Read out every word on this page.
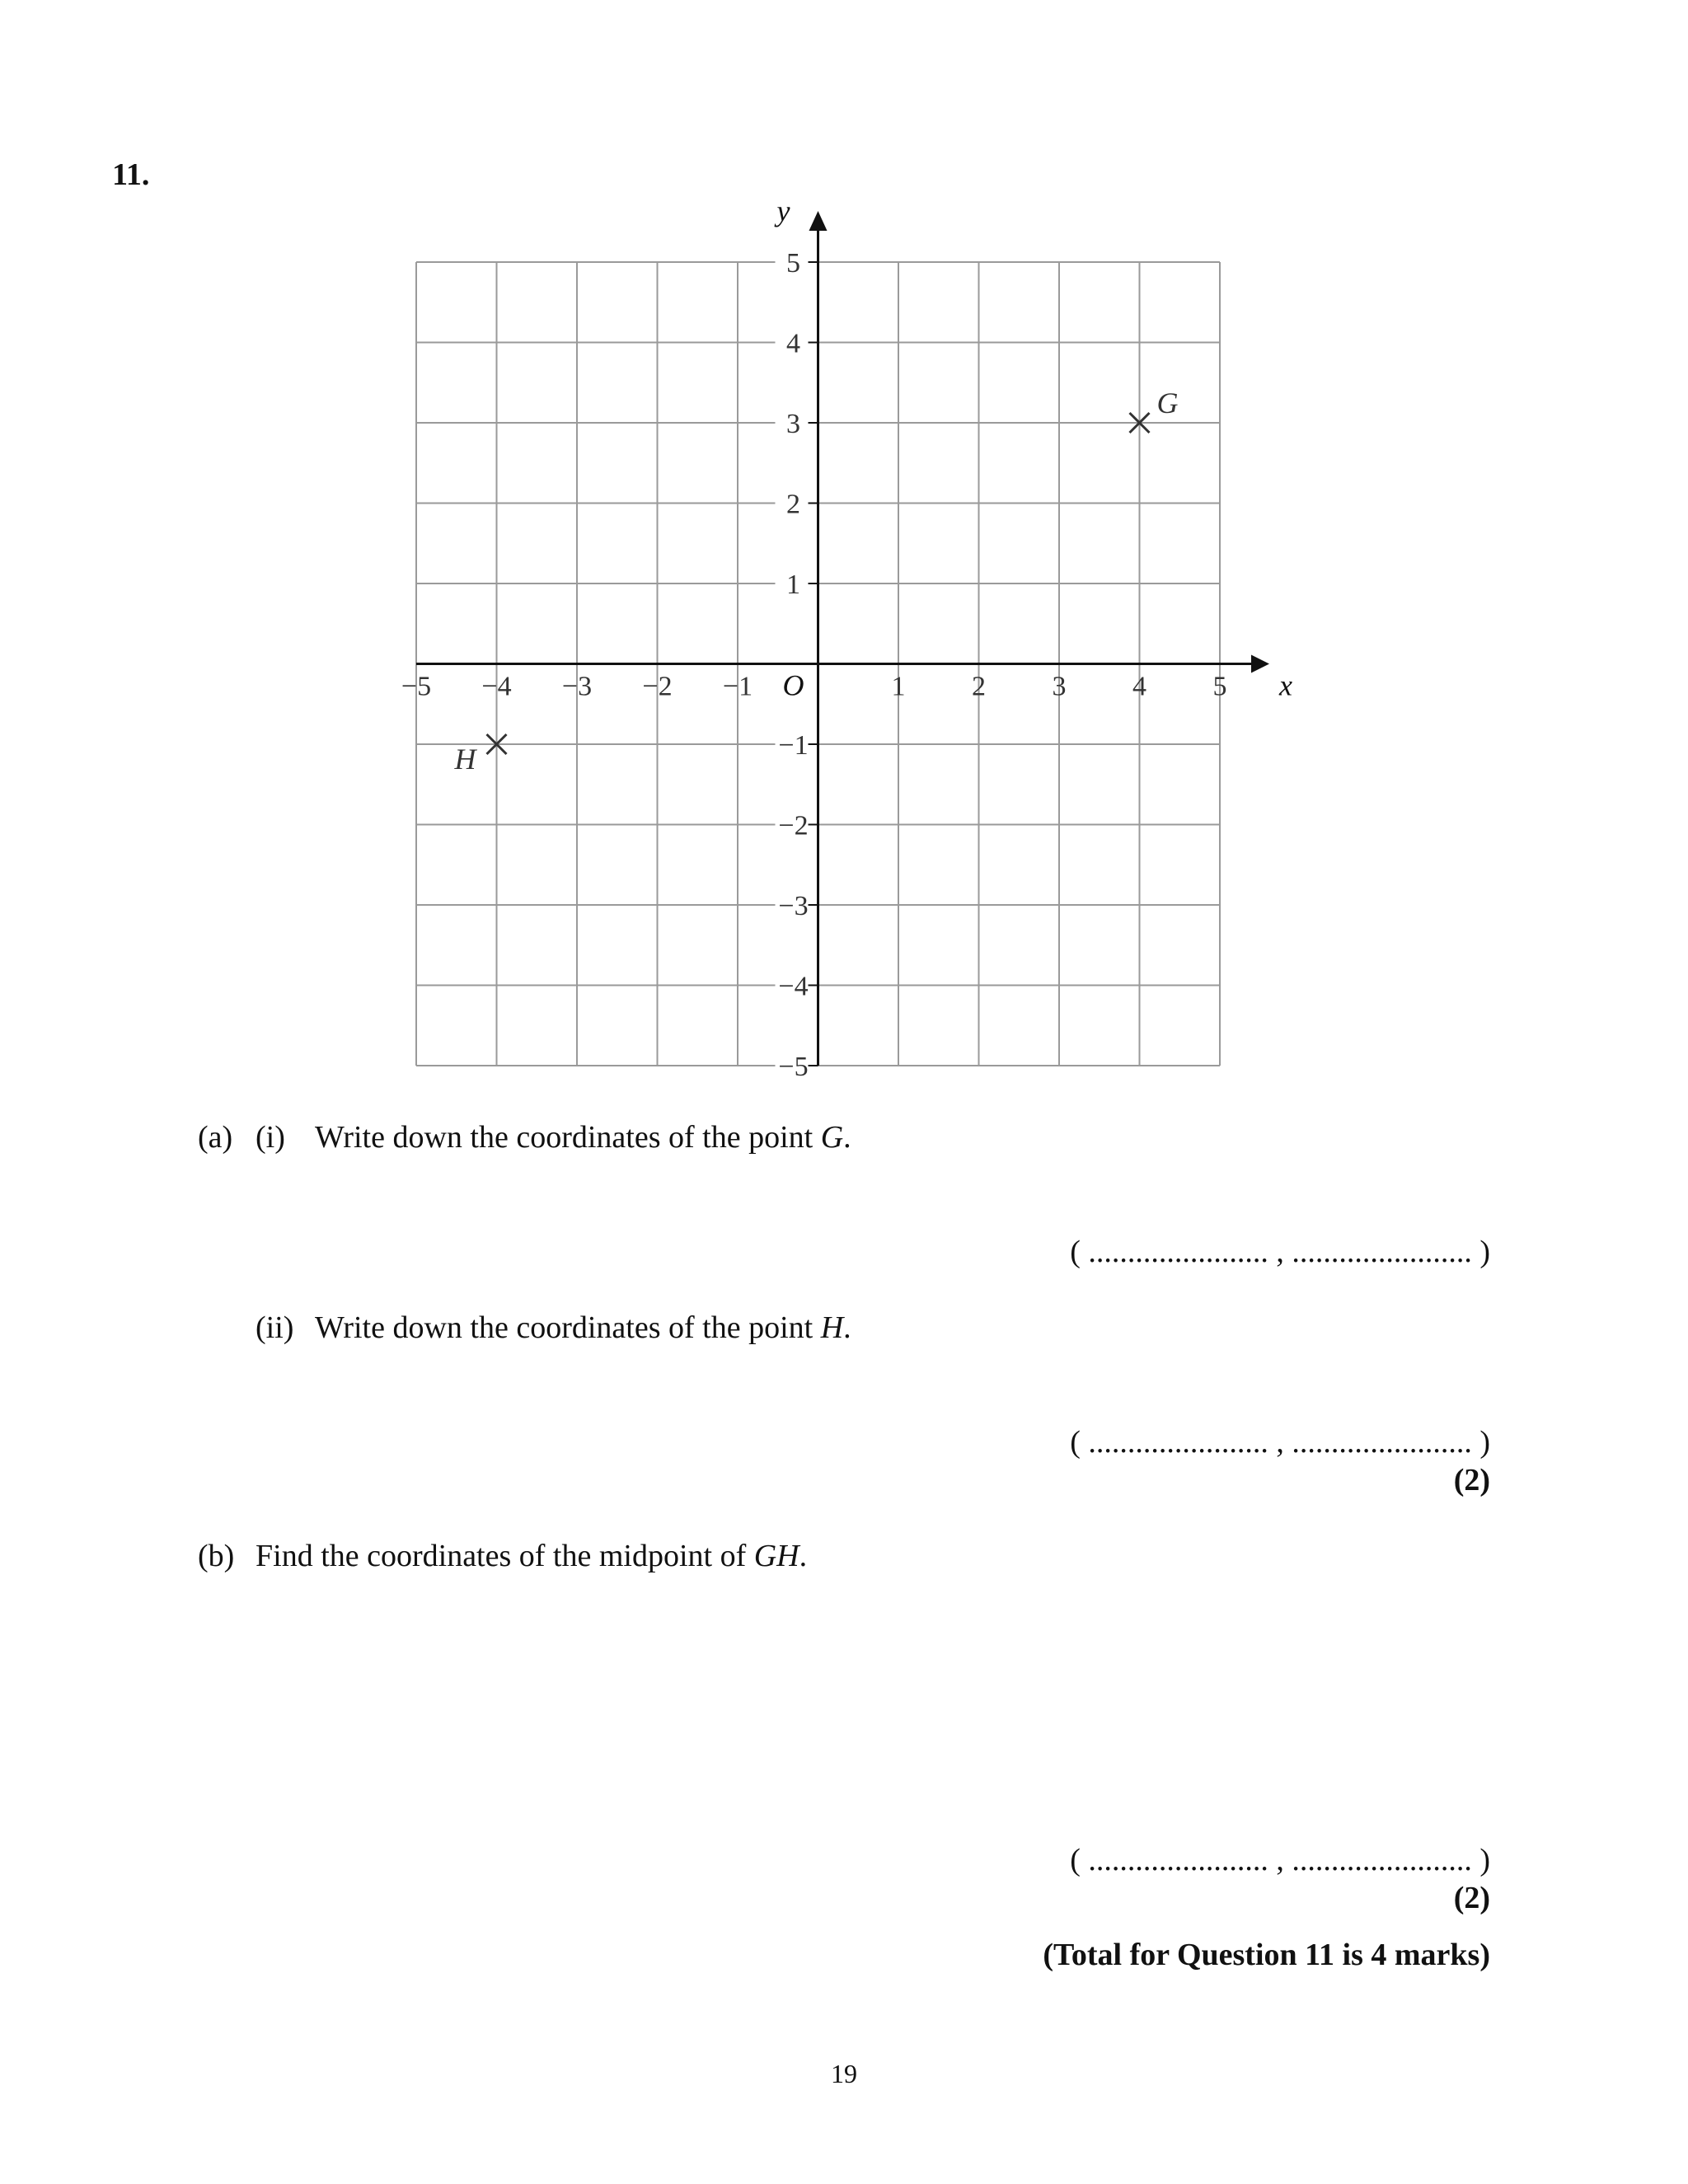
11.
x
y
O
−5 −4 −3 −2 −1	1 2 3 4 5
−5
−4
−3
−2
−1
1
2
3
4
5
G
H
(a) (i) Write down the coordinates of the point G.
( ....................... , ....................... )
(ii) Write down the coordinates of the point H.
( ....................... , ....................... )
(2)
(b) Find the coordinates of the midpoint of GH.
( ....................... , ....................... )
(2)
(Total for Question 11 is 4 marks)
19
